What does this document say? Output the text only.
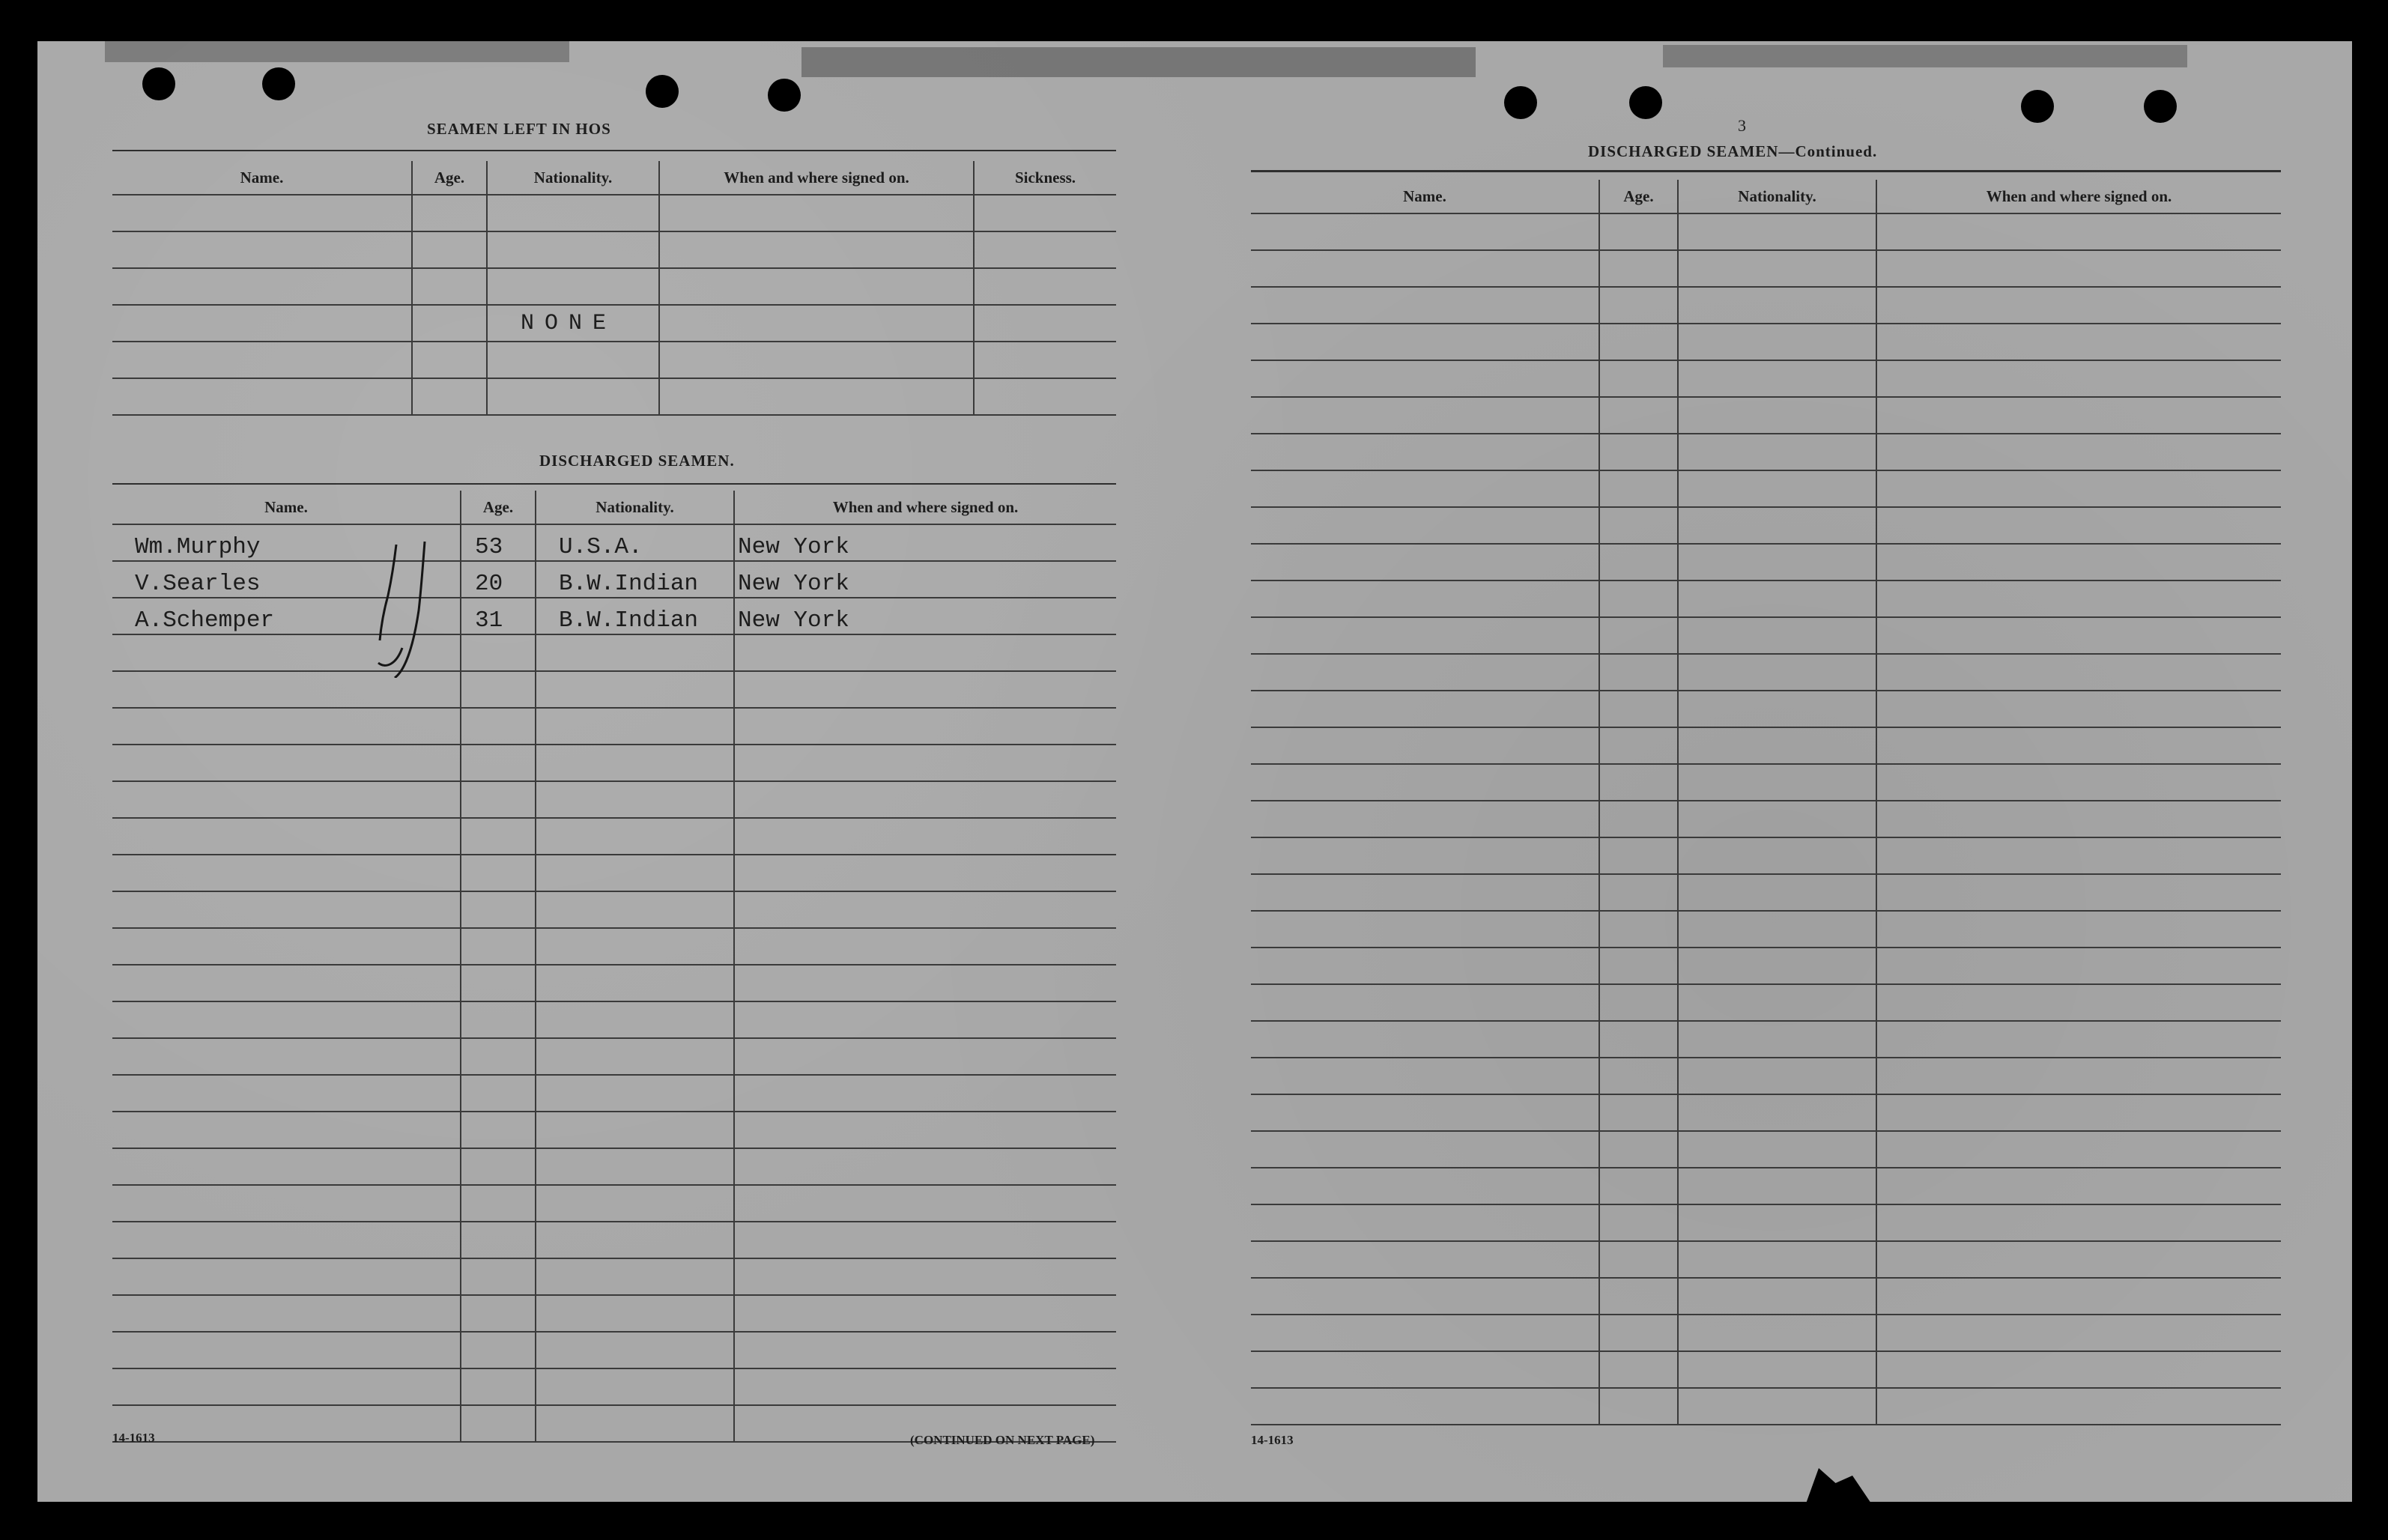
SEAMEN LEFT IN HOS
Name.	Age.	Nationality.	When and where signed on.	Sickness.

NONE
DISCHARGED SEAMEN.
Name.	Age.	Nationality.	When and where signed on.
Wm.Murphy	53	U.S.A.	New York
V.Searles	20	B.W.Indian	New York
A.Schemper	31	B.W.Indian	New York

14-1613	(CONTINUED ON NEXT PAGE)
3
DISCHARGED SEAMEN—Continued.
Name.	Age.	Nationality.	When and where signed on.

14-1613
